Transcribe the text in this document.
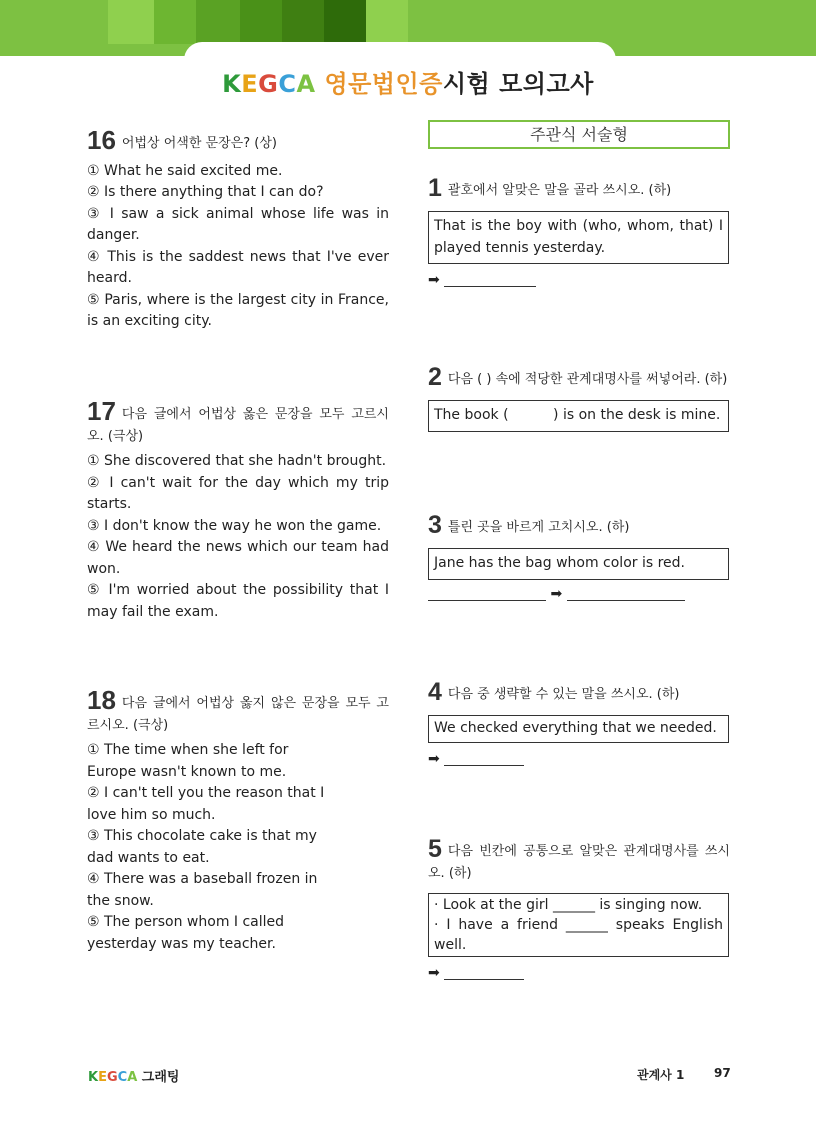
KEGCA 영문법인증시험 모의고사
16 어법상 어색한 문장은? (상)
① What he said excited me.
② Is there anything that I can do?
③ I saw a sick animal whose life was in danger.
④ This is the saddest news that I've ever heard.
⑤ Paris, where is the largest city in France, is an exciting city.
17 다음 글에서 어법상 옳은 문장을 모두 고르시오. (극상)
① She discovered that she hadn't brought.
② I can't wait for the day which my trip starts.
③ I don't know the way he won the game.
④ We heard the news which our team had won.
⑤ I'm worried about the possibility that I may fail the exam.
18 다음 글에서 어법상 옳지 않은 문장을 모두 고르시오. (극상)
① The time when she left for Europe wasn't known to me.
② I can't tell you the reason that I love him so much.
③ This chocolate cake is that my dad wants to eat.
④ There was a baseball frozen in the snow.
⑤ The person whom I called yesterday was my teacher.
주관식 서술형
1 괄호에서 알맞은 말을 골라 쓰시오. (하)
That is the boy with (who, whom, that) I played tennis yesterday.
➡
2 다음 ( ) 속에 적당한 관계대명사를 써넣어라. (하)
The book (          ) is on the desk is mine.
3 틀린 곳을 바르게 고치시오. (하)
Jane has the bag whom color is red.
➡
4 다음 중 생략할 수 있는 말을 쓰시오. (하)
We checked everything that we needed.
➡
5 다음 빈칸에 공통으로 알맞은 관계대명사를 쓰시오. (하)
· Look at the girl ______ is singing now.
· I have a friend ______ speaks English well.
➡
KEGCA 그래팅	관계사 1 97
